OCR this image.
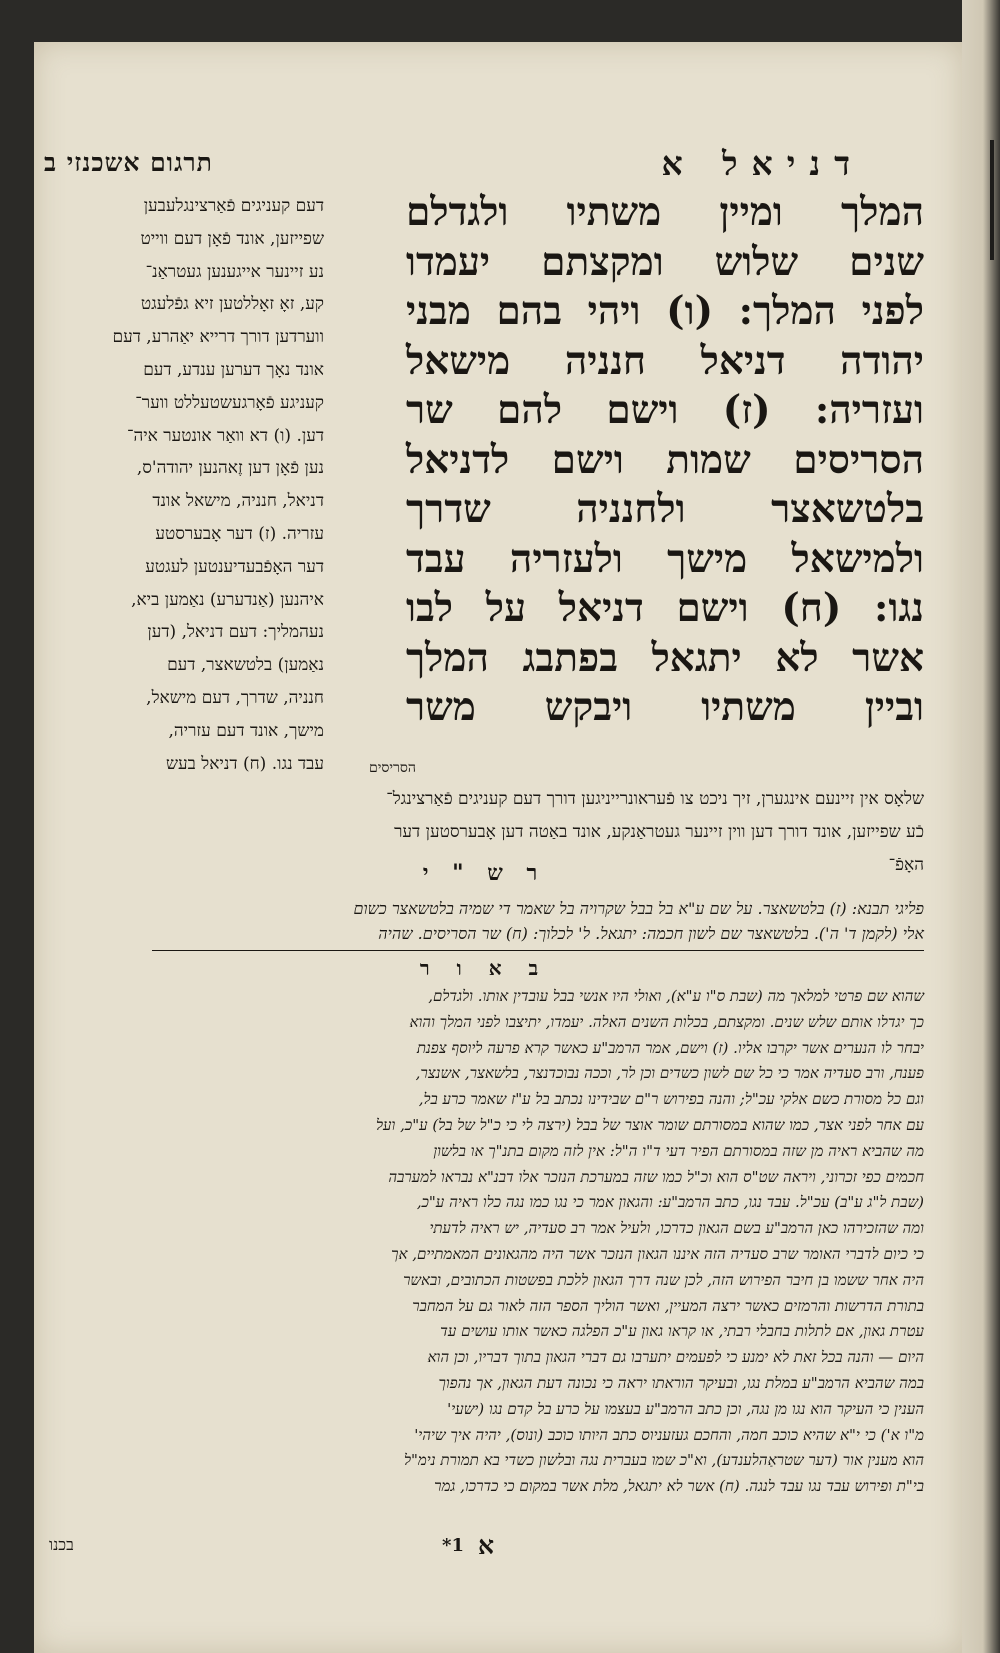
דניאל א
תרגום אשכנזי ב
המלך ומיין משתיו ולגדלם
שנים שלוש ומקצתם יעמדו
לפני המלך: (ו) ויהי בהם מבני
יהודה דניאל חנניה מישאל
ועזריה: (ז) וישם להם שר
הסריסים שמות וישם לדניאל
בלטשאצר ולחנניה שדרך
ולמישאל מישך ולעזריה עבד
נגו: (ח) וישם דניאל על לבו
אשר לא יתגאל בפתבג המלך
וביין משתיו ויבקש משר
הסריסים
דעם קעניגים פֿאַרצינגלעבען
שפייזען, אונד פֿאָן דעם ווייט
נע זיינער אייגענען געטראַנ־
קע, זאָ זאָללטען זיא גפֿלעגט
ווערדען דורך דרייא יאַהרע, דעם
אונד נאָך דערען ענדע, דעם
קעניגע פֿאָרגעשטעללט ווער־
דען. (ו) דא וואַר אונטער איה־
נען פֿאָן דען זֶאהנען יהודה'ס,
דניאל, חנניה, מישאל אונד
עזריה. (ז) דער אָבערסטע
דער האָפֿבעדיענטען לעגטע
איהנען (אַנדערע) נאַמען ביא,
נעהמליך: דעם דניאל, (דען
נאַמען) בלטשאצר, דעם
חנניה, שדרך, דעם מישאל,
מישך, אונד דעם עזריה,
עבד נגו. (ח) דניאל בעש
שלאָס אין זיינעם אינגערן, זיך ניכט צו פֿעראונרייניגען דורך דעם קעניגים פֿאַרצינגל־
כֿע שפייזען, אונד דורך דען ווין זיינער געטראַנקע, אונד באַטה דען אָבערסטען דער
האָפֿ־
ר ש " י
פליגי תבנא: (ז) בלטשאצר. על שם ע"א בל בבל שקרויה בל שאמר די שמיה בלטשאצר כשום
אלי (לקמן ד' ה'). בלטשאצר שם לשון חכמה: יתגאל. ל' לכלוך: (ח) שר הסריסים. שהיה
ב א ו ר
שהוא שם פרטי למלאך מה (שבת ס"ו ע"א), ואולי היו אנשי בבל עובדין אותו. ולגדלם,
כך יגדלו אותם שלש שנים. ומקצתם, בכלות השנים האלה. יעמדו, יתיצבו לפני המלך והוא
יבחר לו הנערים אשר יקרבו אליו. (ז) וישם, אמר הרמב"ע כאשר קרא פרעה ליוסף צפנת
פענח, ורב סעדיה אמר כי כל שם לשון כשדים וכן לר, וככה נבוכדנצר, בלשאצר, אשנצר,
וגם כל מסורת כשם אלקי עכ"ל; והנה בפירוש ר"ם שבידינו נכתב בל ע"ז שאמר כרע בל,
עם אחר לפני אצר, כמו שהוא במסורתם שומר אוצר של בבל (ירצה לי כי כ"ל של בל) ע"כ, ועל
מה שהביא ראיה מן שזה במסורתם הפיר דעי ד"ו ה"ל: אין לזה מקום בתנ"ך או בלשון
חכמים כפי זכרוני, ויראה שט"ס הוא וכ"ל כמו שזה במערכת הנזכר אלו דבנ"א נבראו למערבה
(שבת ל"ג ע"ב) עכ"ל. עבד נגו, כתב הרמב"ע: והגאון אמר כי נגו כמו נגה כלו ראיה ע"כ,
ומה שהזכירהו כאן הרמב"ע בשם הגאון כדרכו, ולעיל אמר רב סעדיה, יש ראיה לדעתי
כי כיום לדברי האומר שרב סעדיה הזה איננו הגאון הנזכר אשר היה מהגאונים המאמתיים, אך
היה אחר ששמו בן חיבר הפירוש הזה, לכן שנה דרך הגאון ללכת בפשטות הכתובים, ובאשר
בתורת הדרשות והרמזים כאשר ירצה המעיין, ואשר הוליך הספר הזה לאור גם על המחבר
עטרת גאון, אם לתלות בחבלי רבתי, או קראו גאון ע"כ הפלגה כאשר אותו עושים עד
היום — והנה בכל זאת לא ימנע כי לפעמים יתערבו גם דברי הגאון בתוך דבריו, וכן הוא
במה שהביא הרמב"ע במלת נגו, ובעיקר הוראתו יראה כי נכונה דעת הגאון, אך נהפוך
הענין כי העיקר הוא נגו מן נגה, וכן כתב הרמב"ע בעצמו על כרע בל קדם נגו (ישעי'
מ"ו א') כי י"א שהיא כוכב חמה, והחכם געזעניוס כתב היותו כוכב (ונוס), יהיה איך שיהי'
הוא מענין אור (דער שטראַהלענדע), וא"כ שמו בעברית נגה ובלשון כשדי בא תמורת נימ"ל
בי"ת ופירוש עבד נגו עבד לנגה. (ח) אשר לא יתגאל, מלת אשר במקום כי כדרכו, גמר
א
1*
בכנו
